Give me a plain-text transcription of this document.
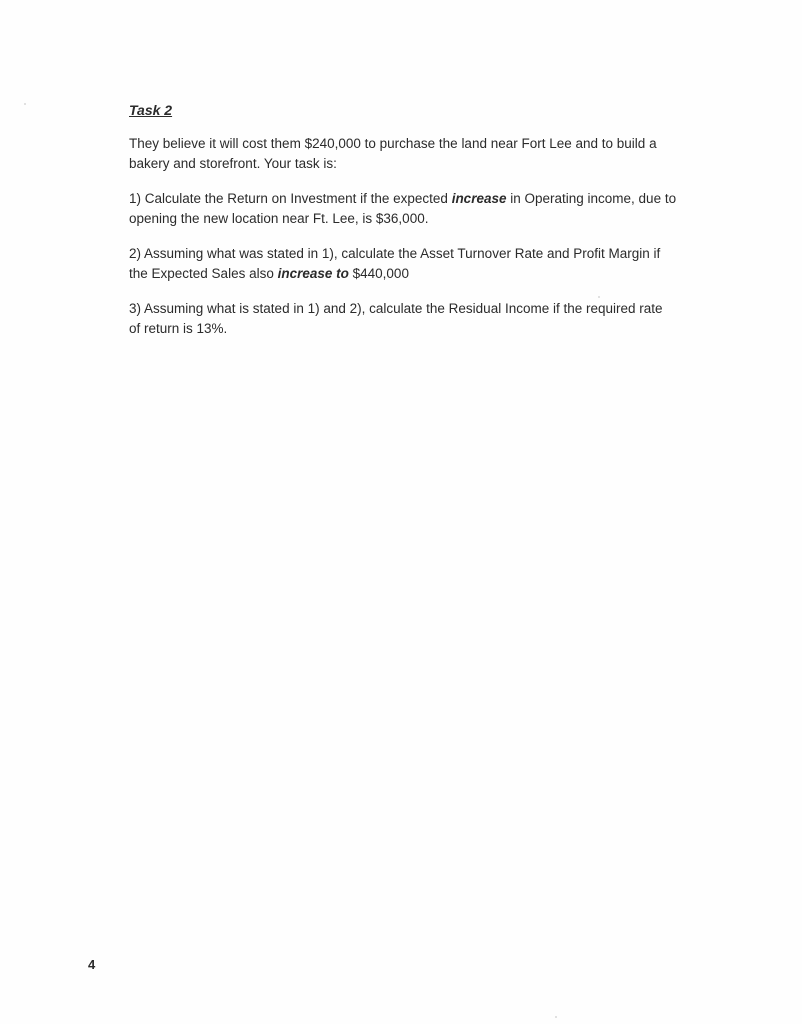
Task 2
They believe it will cost them $240,000 to purchase the land near Fort Lee and to build a
bakery and storefront. Your task is:
1) Calculate the Return on Investment if the expected increase in Operating income, due to
opening the new location near Ft. Lee, is $36,000.
2) Assuming what was stated in 1), calculate the Asset Turnover Rate and Profit Margin if
the Expected Sales also increase to $440,000
3) Assuming what is stated in 1) and 2), calculate the Residual Income if the required rate
of return is 13%.
4
